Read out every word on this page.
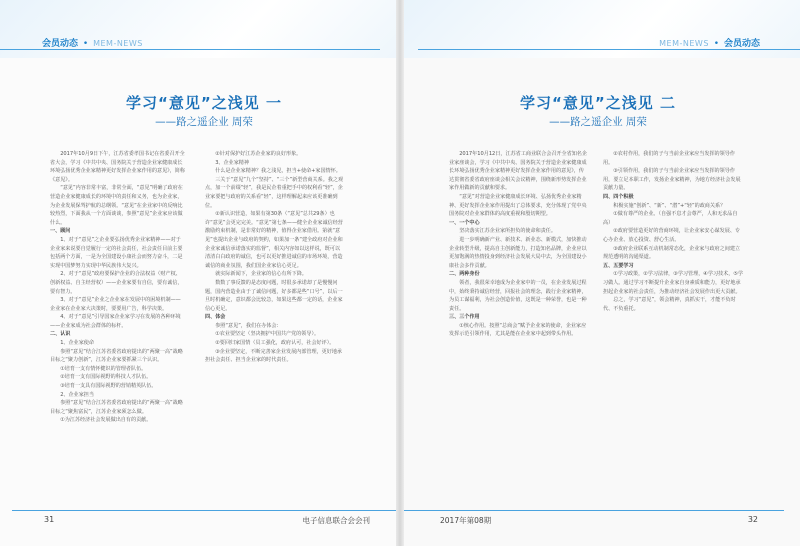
会员动态 • MEM-NEWS
学习“意见”之浅见 一
——路之遥企业 周荣

2017年10月9日下午，江苏省委孝国书记在省委召开全省大会，学习《中共中央、国务院关于营造企业家健康成长环境弘扬优秀企业家精神更好发挥企业家作用的意见》，简称《意见》。

“意见”内容非常丰富，非常全面，“意见”明确了政府在营造企业家健康成长的环境中的责任和义务，也为企业家，为企业发展保驾护航的总纲领。“意见”在企业家中的反响比较热烈，下面我从一个方面谈谈，参照“意见”企业家应该做什么。

一、顾问

1、对于“意见”之企业要弘扬优秀企业家精神——对于企业家来说要自觉履行一定的社会责任，社会责任目前主要包括两个方面，一是为全国建设小康社会而努力奋斗，二是实现中国梦努力实现中华民族伟大复兴。

2、对于“意见”政府要保护企业的合法权益（财产权、创新权益、自主经营权）——企业家要有自信，要有诚信，要有智力。

3、对于“意见”企业之企业家在发展中的困境机制——企业家在企业家大决策时，要要用广告，科学决策。

4、对于“意见”引导国家企业家学习在发展的各种环境——企业家成为社会群体的标杆。

二、认识

1、企业家使命

参照“意见”结合江苏省委省政府提出的“两聚一高”战略目标之“聚力创新”，江苏企业家要抓紧三个认识。

①培育一支有情怀健识的管理者队伍。

②培育一支有国际视野的科技人才队伍。

③培育一支具有国际视野的营销精英队伍。

2、企业家担当

参照“意见”结合江苏省委省政府提出的“两聚一高”战略目标之“聚焦富民”，江苏企业家须怎么做。

①为江苏经济社会发展做出自有的贡献。

②针对保护好江苏企业家的良好形象。

3、企业家精神

什么是企业家精神？我之浅见，担当+使命+家国情怀。

三关于“意见”九个“坚持”、“三个”新型营商关系。我之观点，加一个前缀“轻”，我是民企着重把手中的权利看“轻”，企业家要把与政府的关系看“轻”，这样理解起来应该更准确到位。

②新认识营造，如果有第30条（“意见”总共29条）也许“意见”会更完完美。“意见”第七条——健全企业家诚信经营激励约束机制，是非常好的精神，值得企业家借用。第就“意见”也提出企业与政府的契约，如果加一条“建全政府对企业和企业家诚信承诺落实的监督”，相关内容如以这样说，既可以清清白白政府的诚信，也可以更好推进诚信的市场环境，营造诚信的商业氛围，我们国企业家信心更足。

就实际新闻下，企业家的信心有所下降。

数数了事反馈的是态度问题，时很多承诺却了是慢慢问题，国内营造业由于了诚信问题，好多都是些“口号”，以后一旦时机确定，意识都会比较急，如果这些都一定的话，企业家信心更足。

四、体会

参照“意见”，我们在办体会：

①农业要坚定（坚决拥护中国共产党的领导）。

②要回归家国情（员工强化，政府认可，社会好评）。

③企业要坚定，不断完善家企业发展内部管理，更好地承担社会责任、担当企业家的时代责任。

31	电子信息联合会会刊
MEM-NEWS • 会员动态
学习“意见”之浅见 二
——路之遥企业 周荣

2017年10月12日，江苏省工商业联合会召开全省知名企业家座谈会，学习《中共中央、国务院关于营造企业家健康成长环境弘扬优秀企业家精神更好发挥企业家作用的意见》，传达贯彻省委省政府座谈会相关会议精神，围绕新形势发挥企业家作用做新的贡献和要求。

“意见”对营造企业家健康成长环境、弘扬优秀企业家精神、更好发挥企业家作用提出了总体要求，充分体现了党中央国务院对企业家群体的高度重视和殷切期望。

一、一个中心

坚决落实江苏企业家所担负的使命和责任。

进一步明确新产业、新技术、新业态、新模式，加快推动企业转型升级，提高自主创新能力，打造知名品牌，企业应以更加饱满的热情投身到经济社会发展大局中去，为全国建设小康社会多作贡献。

二、两种身份

领者，我很荣幸地成为企业家中的一员，在企业发展过程中，始终秉持诚信经营，回报社会的理念，践行企业家精神，为员工谋福利，为社会创造价值，这既是一种荣誉，也是一种责任。

三、三个作用

①核心作用。按照“总商会”赋予企业家的使命，企业家应发挥示范引领作用，尤其是能在企业家中起到带头作用。

②农村作用，我们的子与当前企业家应当发挥的领导作用。

③引领作用，我们的子与当前企业家应当发挥的领导作用，要立足本职工作，发扬企业家精神，为地方经济社会发展贡献力量。

四、四个积极

积极实施“创新”、“新”、“潜”+“轻”的政商关系？

①做有尊严的企业。（自强不息才会尊严，人和无求品自高）

②政府要营造更好的营商环境，让企业家安心谋发展、专心办企业、放心投资、舒心生活。

③政府企业联系互动机制常态化，企业家与政府之间建立规范透明的沟通渠道。

五、五要学习

①学习政策，②学习法律，③学习管理，④学习技术，⑤学习做人。通过学习不断提升企业家自身素质和能力，更好地承担起企业家的社会责任，为推动经济社会发展作出更大贡献。

总之，学习“意见”，领会精神，真抓实干，才能不负时代、不负重托。

2017年第08期	32
